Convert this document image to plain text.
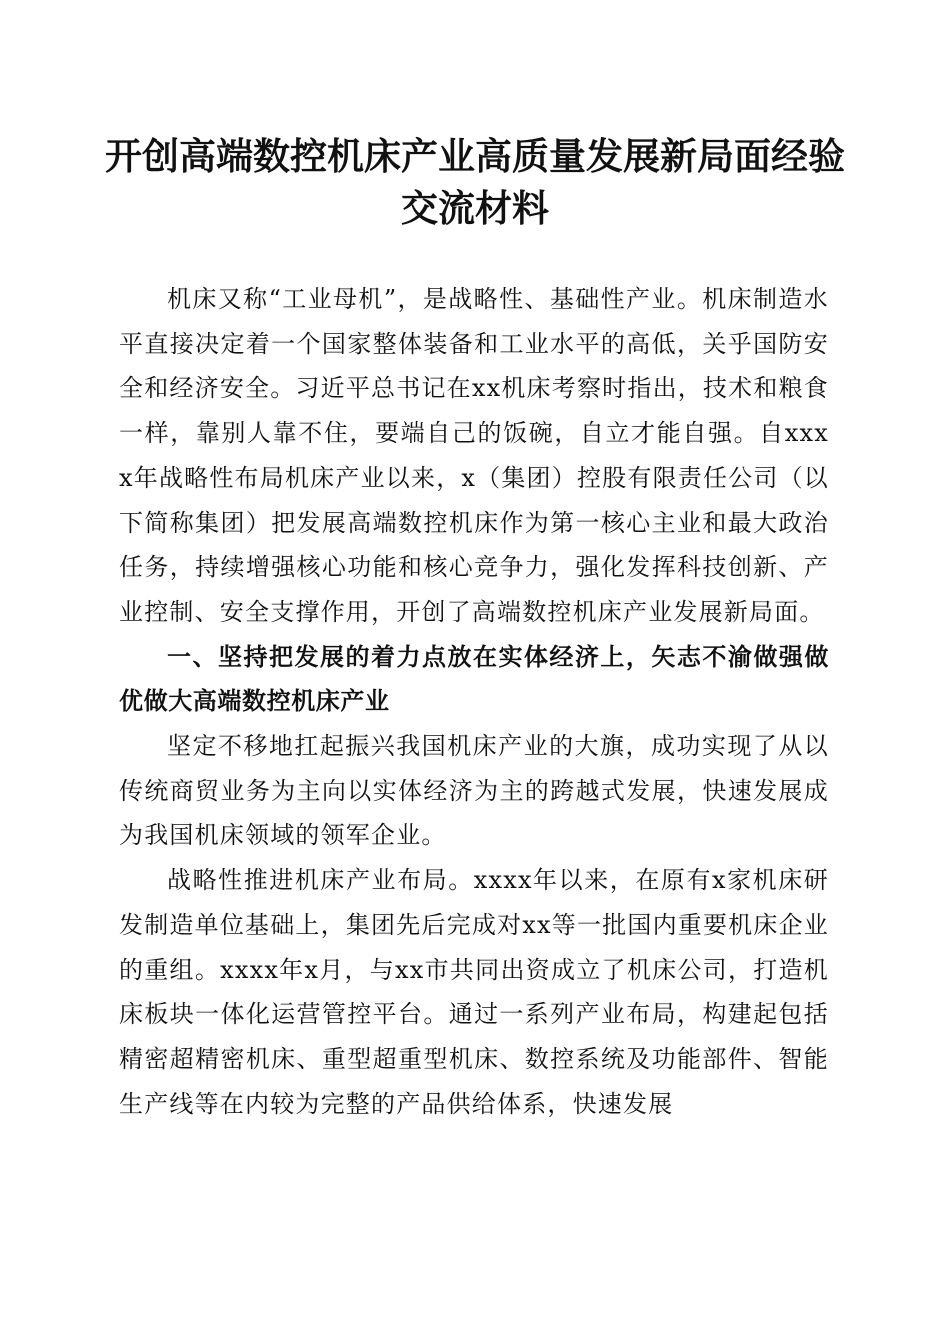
开创高端数控机床产业高质量发展新局面经验
交流材料

机床又称“工业母机”，是战略性、基础性产业。机床制造水平直接决定着一个国家整体装备和工业水平的高低，关乎国防安全和经济安全。习近平总书记在xx机床考察时指出，技术和粮食一样，靠别人靠不住，要端自己的饭碗，自立才能自强。自xxxx年战略性布局机床产业以来，x（集团）控股有限责任公司（以下简称集团）把发展高端数控机床作为第一核心主业和最大政治任务，持续增强核心功能和核心竞争力，强化发挥科技创新、产业控制、安全支撑作用，开创了高端数控机床产业发展新局面。

一、坚持把发展的着力点放在实体经济上，矢志不渝做强做优做大高端数控机床产业

坚定不移地扛起振兴我国机床产业的大旗，成功实现了从以传统商贸业务为主向以实体经济为主的跨越式发展，快速发展成为我国机床领域的领军企业。

战略性推进机床产业布局。xxxx年以来，在原有x家机床研发制造单位基础上，集团先后完成对xx等一批国内重要机床企业的重组。xxxx年x月，与xx市共同出资成立了机床公司，打造机床板块一体化运营管控平台。通过一系列产业布局，构建起包括精密超精密机床、重型超重型机床、数控系统及功能部件、智能生产线等在内较为完整的产品供给体系，快速发展
